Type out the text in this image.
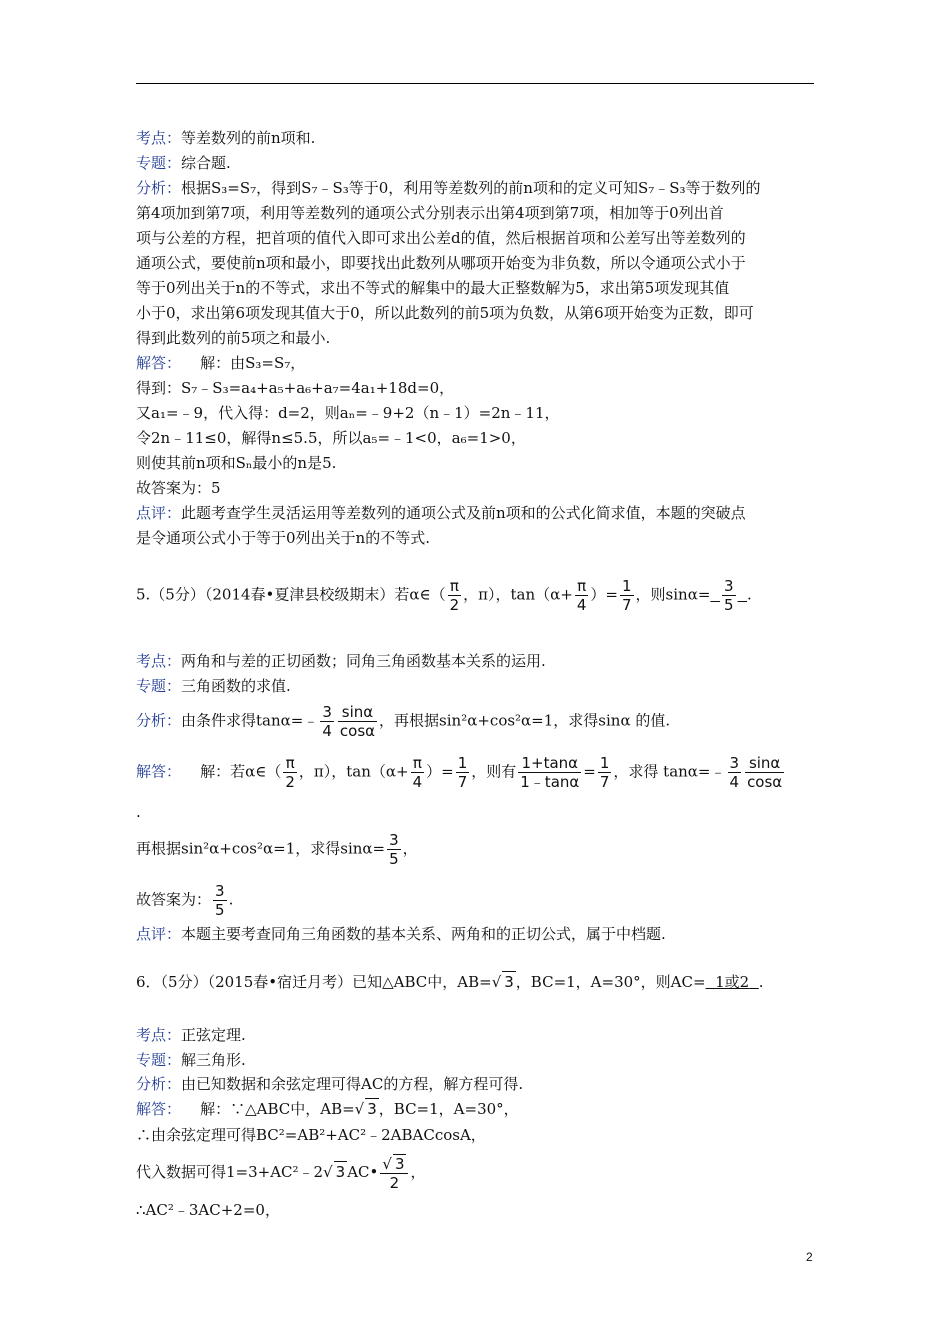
考点：等差数列的前n项和.
专题：综合题.
分析：根据S₃=S₇，得到S₇﹣S₃等于0，利用等差数列的前n项和的定义可知S₇﹣S₃等于数列的
第4项加到第7项，利用等差数列的通项公式分别表示出第4项到第7项，相加等于0列出首
项与公差的方程，把首项的值代入即可求出公差d的值，然后根据首项和公差写出等差数列的
通项公式，要使前n项和最小，即要找出此数列从哪项开始变为非负数，所以令通项公式小于
等于0列出关于n的不等式，求出不等式的解集中的最大正整数解为5，求出第5项发现其值
小于0，求出第6项发现其值大于0，所以此数列的前5项为负数，从第6项开始变为正数，即可
得到此数列的前5项之和最小.
解答： 解：由S₃=S₇，
得到：S₇﹣S₃=a₄+a₅+a₆+a₇=4a₁+18d=0，
又a₁=﹣9，代入得：d=2，则aₙ=﹣9+2（n﹣1）=2n﹣11，
令2n﹣11≤0，解得n≤5.5，所以a₅=﹣1<0，a₆=1>0，
则使其前n项和Sₙ最小的n是5.
故答案为：5
点评：此题考查学生灵活运用等差数列的通项公式及前n项和的公式化简求值，本题的突破点
是令通项公式小于等于0列出关于n的不等式.
5.（5分）（2014春•夏津县校级期末）若α∈（ $\frac{\pi}{2}$ ，π），$\tan(\alpha+ \frac{\pi}{4}$ ）= $\frac{1}{7}$ ，则$\sin\alpha= \frac{3}{5}$ .
考点：两角和与差的正切函数；同角三角函数基本关系的运用.
专题：三角函数的求值.
分析：由条件求得tanα=﹣ $\frac{3}{4} \frac{\sin\alpha}{\cos\alpha}$ ，再根据sin²α+cos²α=1，求得sinα 的值.
解答： 解：若α∈（ $\frac{\pi}{2}$ ，π），$\tan(\alpha+ \frac{\pi}{4}$ ）= $\frac{1}{7}$ ，则有 $\frac{1+\tan\alpha}{1﹣\tan\alpha} = \frac{1}{7}$ ，求得 tanα=﹣ $\frac{3}{4} \frac{\sin\alpha}{\cos\alpha}$
.
再根据sin²α+cos²α=1，求得$\sin\alpha= \frac{3}{5}$ ，
故答案为： $\frac{3}{5}$ .
点评：本题主要考查同角三角函数的基本关系、两角和的正切公式，属于中档题.
6．（5分）（2015春•宿迁月考）已知△ABC中，AB=√ 3 ，BC=1，A=30°，则AC= 1或2 .
考点：正弦定理.
专题：解三角形.
分析：由已知数据和余弦定理可得AC的方程，解方程可得.
解答： 解：∵△ABC中，AB=√ 3 ，BC=1，A=30°，
∴由余弦定理可得BC²=AB²+AC²﹣2ABACcosA，
代入数据可得1=3+AC²﹣2√ 3 AC• $\frac{√ 3}{2}$ ，
∴AC²﹣3AC+2=0，
2
